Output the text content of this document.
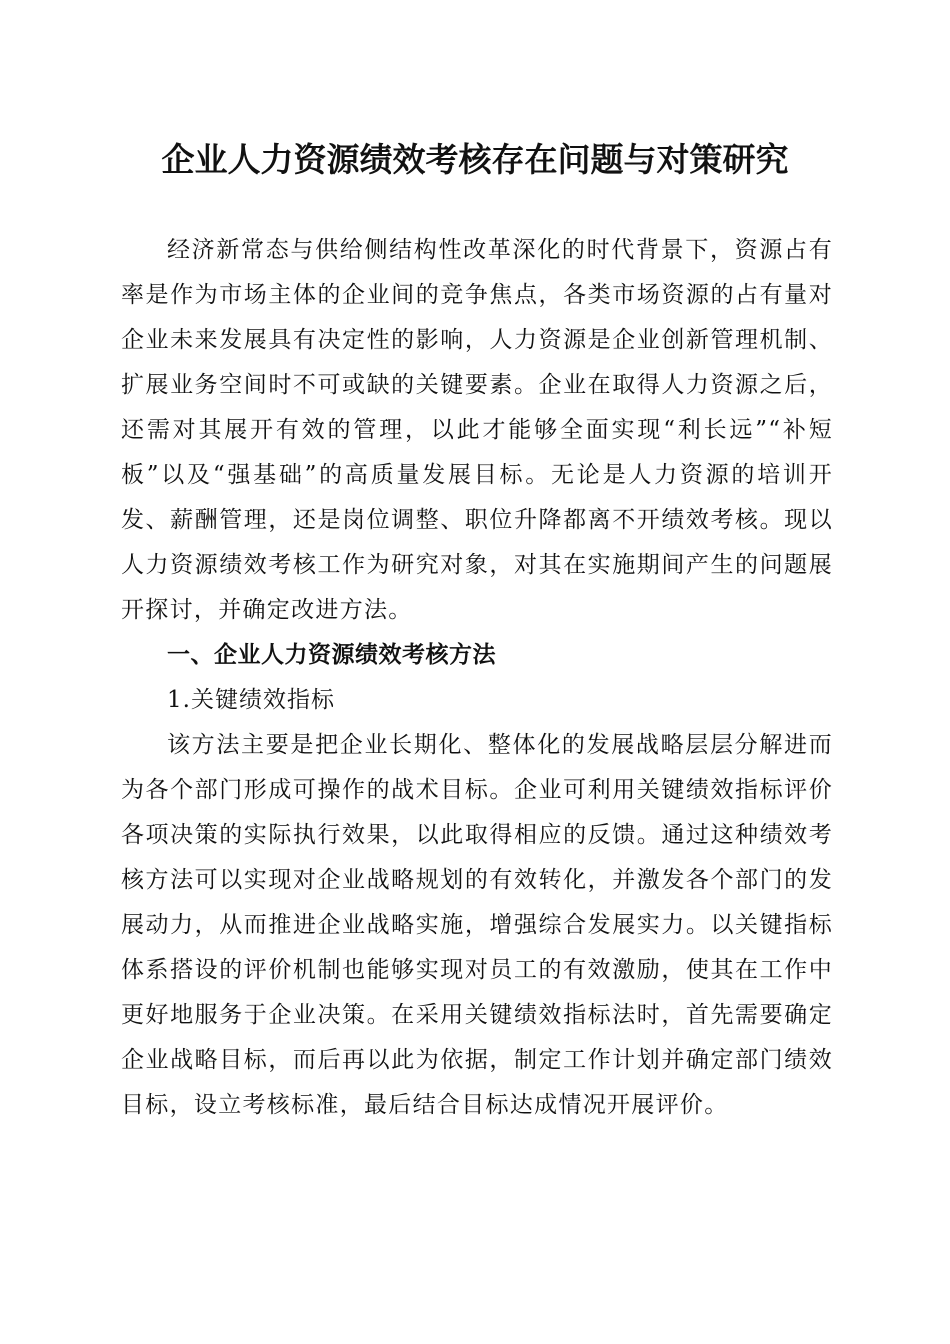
企业人力资源绩效考核存在问题与对策研究

经济新常态与供给侧结构性改革深化的时代背景下，资源占有率是作为市场主体的企业间的竞争焦点，各类市场资源的占有量对企业未来发展具有决定性的影响，人力资源是企业创新管理机制、扩展业务空间时不可或缺的关键要素。企业在取得人力资源之后，还需对其展开有效的管理，以此才能够全面实现“利长远”“补短板”以及“强基础”的高质量发展目标。无论是人力资源的培训开发、薪酬管理，还是岗位调整、职位升降都离不开绩效考核。现以人力资源绩效考核工作为研究对象，对其在实施期间产生的问题展开探讨，并确定改进方法。

一、企业人力资源绩效考核方法

1.关键绩效指标

该方法主要是把企业长期化、整体化的发展战略层层分解进而为各个部门形成可操作的战术目标。企业可利用关键绩效指标评价各项决策的实际执行效果，以此取得相应的反馈。通过这种绩效考核方法可以实现对企业战略规划的有效转化，并激发各个部门的发展动力，从而推进企业战略实施，增强综合发展实力。以关键指标体系搭设的评价机制也能够实现对员工的有效激励，使其在工作中更好地服务于企业决策。在采用关键绩效指标法时，首先需要确定企业战略目标，而后再以此为依据，制定工作计划并确定部门绩效目标，设立考核标准，最后结合目标达成情况开展评价。
